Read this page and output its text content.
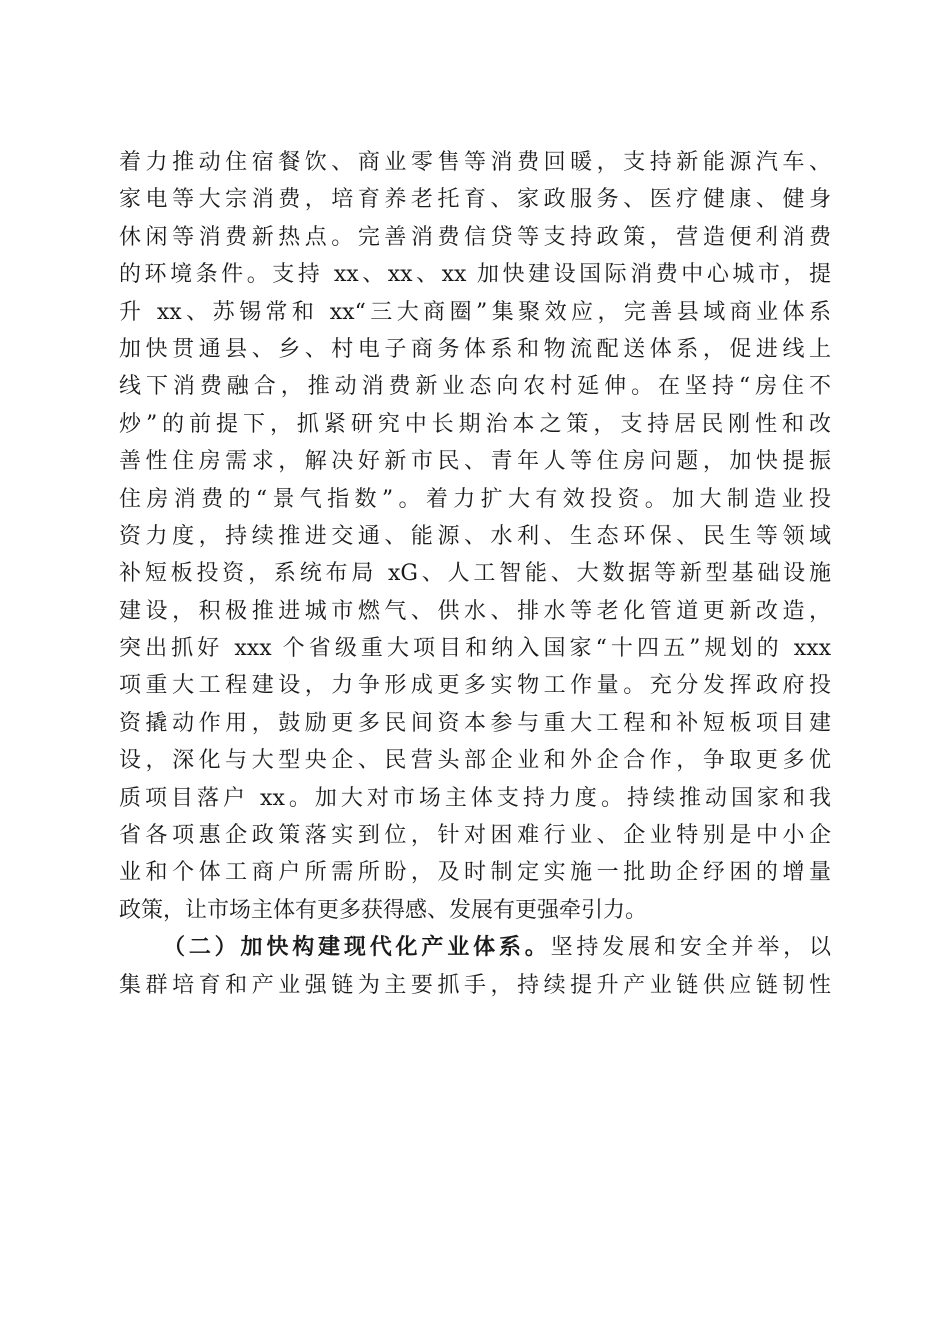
着力推动住宿餐饮、商业零售等消费回暖，支持新能源汽车、
家电等大宗消费，培育养老托育、家政服务、医疗健康、健身
休闲等消费新热点。完善消费信贷等支持政策，营造便利消费
的环境条件。支持 xx、xx、xx 加快建设国际消费中心城市，提
升 xx、苏锡常和 xx“三大商圈”集聚效应，完善县域商业体系
加快贯通县、乡、村电子商务体系和物流配送体系，促进线上
线下消费融合，推动消费新业态向农村延伸。在坚持“房住不
炒”的前提下，抓紧研究中长期治本之策，支持居民刚性和改
善性住房需求，解决好新市民、青年人等住房问题，加快提振
住房消费的“景气指数”。着力扩大有效投资。加大制造业投
资力度，持续推进交通、能源、水利、生态环保、民生等领域
补短板投资，系统布局 xG、人工智能、大数据等新型基础设施
建设，积极推进城市燃气、供水、排水等老化管道更新改造，
突出抓好 xxx 个省级重大项目和纳入国家“十四五”规划的 xxx
项重大工程建设，力争形成更多实物工作量。充分发挥政府投
资撬动作用，鼓励更多民间资本参与重大工程和补短板项目建
设，深化与大型央企、民营头部企业和外企合作，争取更多优
质项目落户 xx。加大对市场主体支持力度。持续推动国家和我
省各项惠企政策落实到位，针对困难行业、企业特别是中小企
业和个体工商户所需所盼，及时制定实施一批助企纾困的增量
政策，让市场主体有更多获得感、发展有更强牵引力。
（二）加快构建现代化产业体系。坚持发展和安全并举，以
集群培育和产业强链为主要抓手，持续提升产业链供应链韧性
